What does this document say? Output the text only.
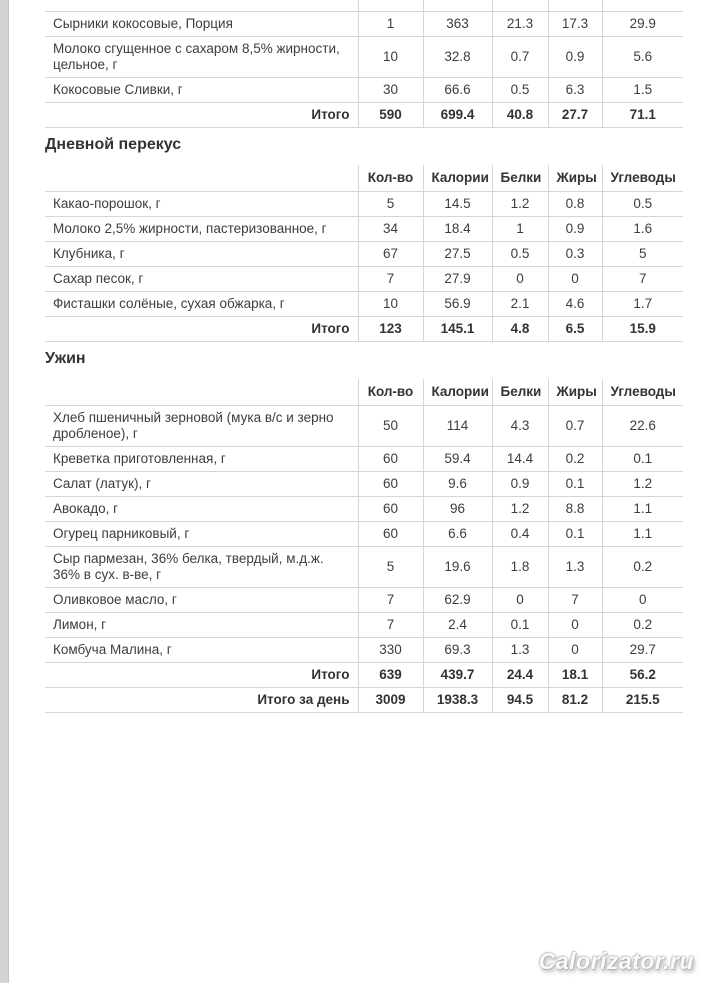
Сырники кокосовые, Порция	1	363	21.3	17.3	29.9
Молоко сгущенное с сахаром 8,5% жирности, цельное, г	10	32.8	0.7	0.9	5.6
Кокосовые Сливки, г	30	66.6	0.5	6.3	1.5
Итого	590	699.4	40.8	27.7	71.1
Дневной перекус
	Кол-во	Калории	Белки	Жиры	Углеводы
Какао-порошок, г	5	14.5	1.2	0.8	0.5
Молоко 2,5% жирности, пастеризованное, г	34	18.4	1	0.9	1.6
Клубника, г	67	27.5	0.5	0.3	5
Сахар песок, г	7	27.9	0	0	7
Фисташки солёные, сухая обжарка, г	10	56.9	2.1	4.6	1.7
Итого	123	145.1	4.8	6.5	15.9
Ужин
	Кол-во	Калории	Белки	Жиры	Углеводы
Хлеб пшеничный зерновой (мука в/с и зерно дробленое), г	50	114	4.3	0.7	22.6
Креветка приготовленная, г	60	59.4	14.4	0.2	0.1
Салат (латук), г	60	9.6	0.9	0.1	1.2
Авокадо, г	60	96	1.2	8.8	1.1
Огурец парниковый, г	60	6.6	0.4	0.1	1.1
Сыр пармезан, 36% белка, твердый, м.д.ж. 36% в сух. в-ве, г	5	19.6	1.8	1.3	0.2
Оливковое масло, г	7	62.9	0	7	0
Лимон, г	7	2.4	0.1	0	0.2
Комбуча Малина, г	330	69.3	1.3	0	29.7
Итого	639	439.7	24.4	18.1	56.2
Итого за день	3009	1938.3	94.5	81.2	215.5
Calorizator.ru
